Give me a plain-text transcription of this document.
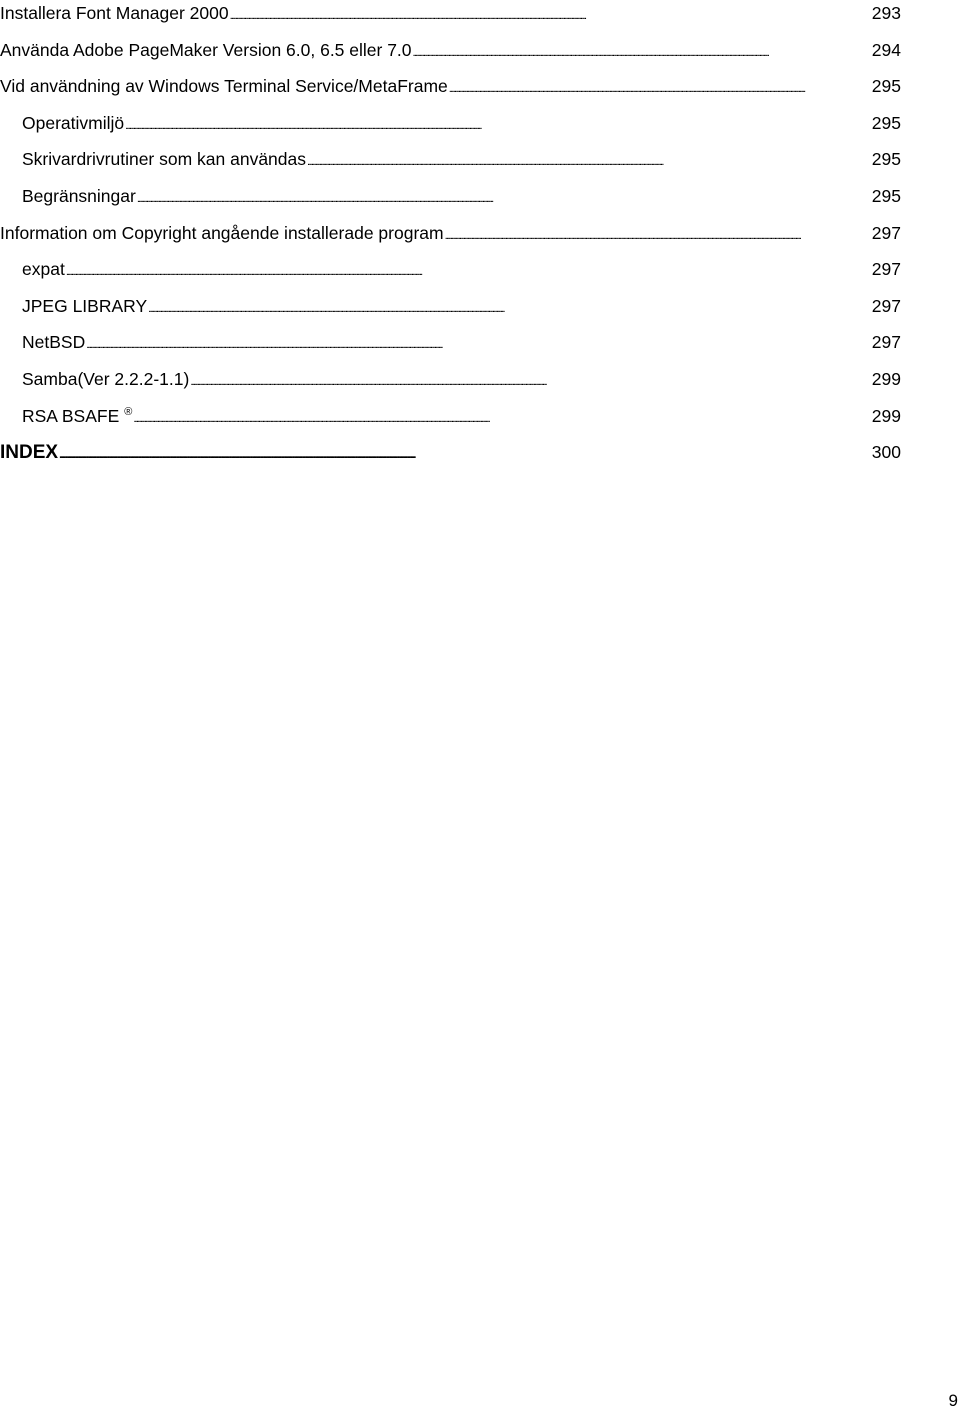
Installera Font Manager 2000 . . .	293
Använda Adobe PageMaker Version 6.0, 6.5 eller 7.0 . . .	294
Vid användning av Windows Terminal Service/MetaFrame . . .	295
Operativmiljö . . .	295
Skrivardrivrutiner som kan användas . . .	295
Begränsningar . . .	295
Information om Copyright angående installerade program . . .	297
expat . . .	297
JPEG LIBRARY . . .	297
NetBSD . . .	297
Samba(Ver 2.2.2-1.1) . . .	299
RSA BSAFE ® . . .	299
INDEX . . .	300
9
